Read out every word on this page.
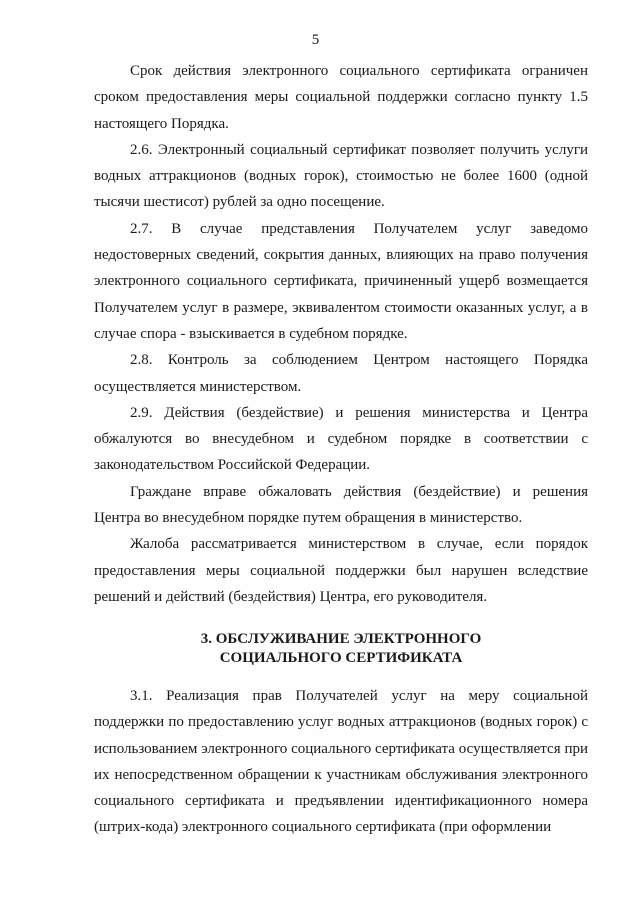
5

Срок действия электронного социального сертификата ограничен сроком предоставления меры социальной поддержки согласно пункту 1.5 настоящего Порядка.

2.6. Электронный социальный сертификат позволяет получить услуги водных аттракционов (водных горок), стоимостью не более 1600 (одной тысячи шестисот) рублей за одно посещение.

2.7. В случае представления Получателем услуг заведомо недостоверных сведений, сокрытия данных, влияющих на право получения электронного социального сертификата, причиненный ущерб возмещается Получателем услуг в размере, эквивалентом стоимости оказанных услуг, а в случае спора - взыскивается в судебном порядке.

2.8. Контроль за соблюдением Центром настоящего Порядка осуществляется министерством.

2.9. Действия (бездействие) и решения министерства и Центра обжалуются во внесудебном и судебном порядке в соответствии с законодательством Российской Федерации.

Граждане вправе обжаловать действия (бездействие) и решения Центра во внесудебном порядке путем обращения в министерство.

Жалоба рассматривается министерством в случае, если порядок предоставления меры социальной поддержки был нарушен вследствие решений и действий (бездействия) Центра, его руководителя.

3. ОБСЛУЖИВАНИЕ ЭЛЕКТРОННОГО
СОЦИАЛЬНОГО СЕРТИФИКАТА

3.1. Реализация прав Получателей услуг на меру социальной поддержки по предоставлению услуг водных аттракционов (водных горок) с использованием электронного социального сертификата осуществляется при их непосредственном обращении к участникам обслуживания электронного социального сертификата и предъявлении идентификационного номера (штрих-кода) электронного социального сертификата (при оформлении
